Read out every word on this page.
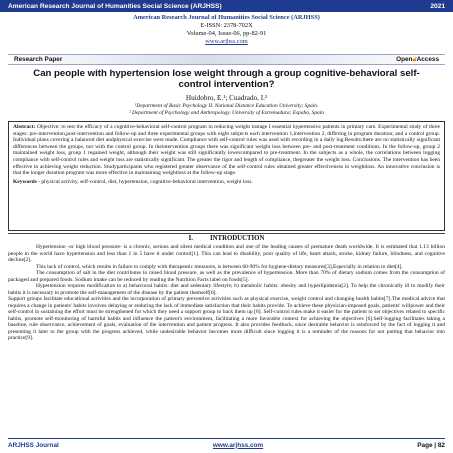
American Research Journal of Humanities Social Science (ARJHSS)	2021
American Research Journal of Humanities Social Science (ARJHSS)
E-ISSN: 2378-702X
Volume-04, Issue-06, pp-82-91
www.arjhss.com
Research Paper	Open🔓︎Access
Can people with hypertension lose weight through a group cognitive-behavioral self-control intervention?
Huidobro, E.¹; Cuadrado, I.²
¹Department of Basic Psychology II. National Distance Education University; Spain.
² Department of Psychology and Anthropology. University of Extremadura; Espaha, Spain
Abstract: Objective: to test the efficacy of a cognitive-behavioral self-control program in reducing weight instage I essential hypertensive patients in primary care. Experimental study of three stages: pre-intervention,post-intervention and follow-up and three experimental groups with eight subjects each intervention 1,intervention 2, differing in program duration; and a control group. Individual plans covering a balanced diet andphysical exercise were made. Compliance with self-control rules was used with recording in a daily log.Results:there are no statistically significant differences between the groups, nor with the control group. In theintervention groups there was significant weight loss between pre- and post-treatment conditions. In the follow-up, group 2 maintained weight loss, group 1 regained weight, although their weight was still significantly lowercompared to pre-treatment. In the subjects as a whole, the correlations between logging compliance with self-control rules and weight loss are statistically significant. The greater the rigor and length of compliance, thegreater the weight loss. Conclusions. The intervention has been effective in achieving weight reduction. Studyparticipants who registered greater observance of the self-control rules obtained greater effectiveness in weightloss. An innovative conclusion is that the longer duration program was more effective in maintaining weightloss at the follow-up stage.
Keywords - physical activity, self-control, diet, hypertension, cognitive-behavioral intervention, weight loss.
I.          INTRODUCTION

Hypertension -or high blood pressure- is a chronic, serious and silent medical condition and one of the leading causes of premature death worldwide. It is estimated that 1.13 billion people in the world have hypertension and less than 1 in 5 have it under control[1]. This can lead to disability, poor quality of life, heart attack, stroke, kidney failure, blindness, and cognitive decline[2].

This lack of control, which results in failure to comply with therapeutic measures, is between 60-90% for hygiene-dietary measures[3].Especially in relation to diet[4].

The consumption of salt in the diet contributes to raised blood pressure, as well as the prevalence of hypertension. More than 70% of dietary sodium comes from the consumption of packaged and prepared foods. Sodium intake can be reduced by reading the Nutrition Facts label on foods[5].

Hypertension requires modification to a) behavioral habits: diet and sedentary lifestyle; b) metabolic habits: obesity and hyperlipidemia[2]. To help the chronically ill to modify their habits it is necessary to promote the self-management of the disease by the patient themself[6].

Support groups facilitate educational activities and the incorporation of primary preventive activities such as physical exercise, weight control and changing health habits[7].The medical advice that requires a change in patients' habits involves delaying or enduring the lack of immediate satisfaction that their habits provide. To achieve these physician-imposed goals, patients' willpower and their self-control in sustaining the effort must be strengthened for which they need a support group to back them up [8]. Self-control rules make it easier for the patient to set objectives related to specific habits, promote self-monitoring of harmful habits and influence the patient's environment, facilitating a more favorable context for achieving the objectives [6].Self-logging facilitates taking a baseline, rule observance, achievement of goals, evaluation of the intervention and patient progress. It also provides feedback, since desirable behavior is reinforced by the fact of logging it and presenting it later to the group with the progress achieved, while undesirable behavior becomes more difficult since logging it is a reminder of the reasons for not putting that behavior into practice[9].

ARJHSS Journal	www.arjhss.com	Page | 82
